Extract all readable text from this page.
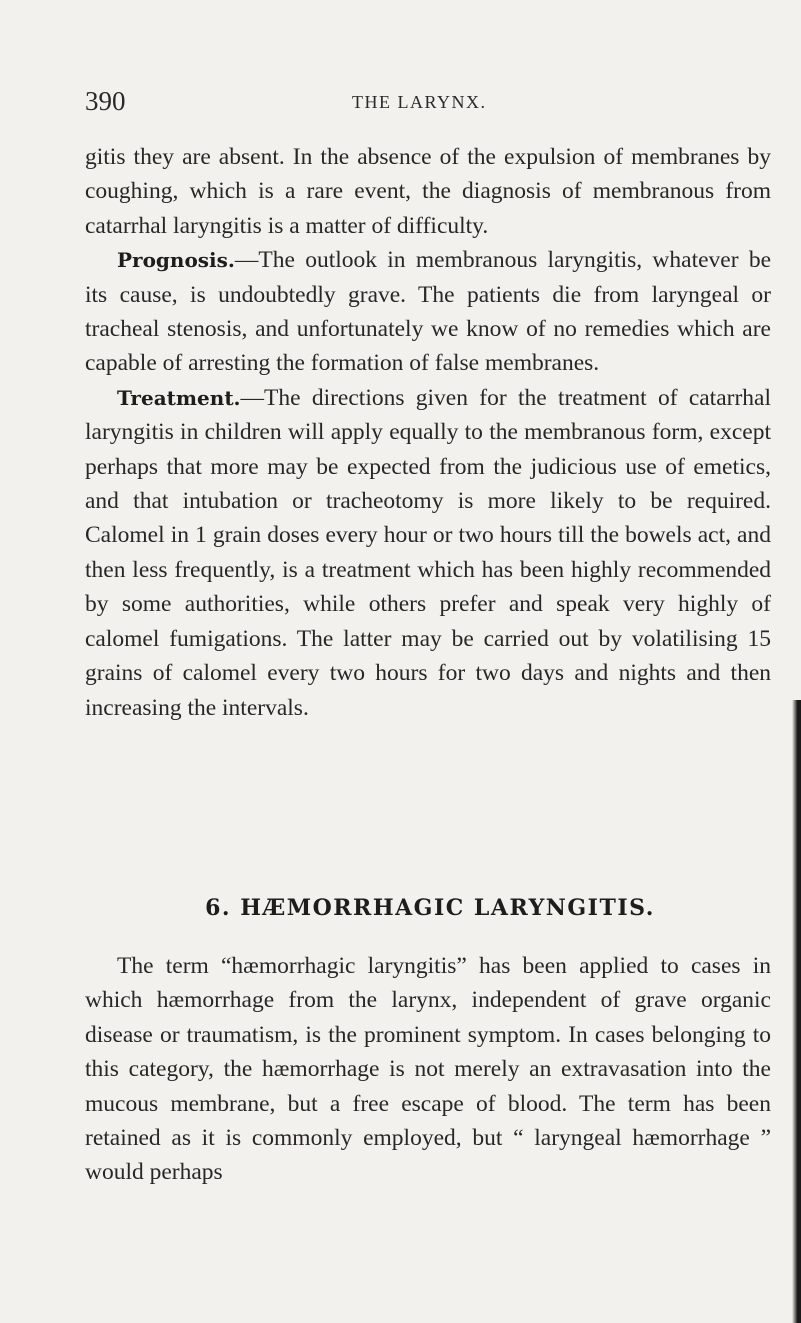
390	THE LARYNX.

gitis they are absent. In the absence of the expulsion of membranes by coughing, which is a rare event, the diagnosis of membranous from catarrhal laryngitis is a matter of difficulty.

Prognosis.—The outlook in membranous laryngitis, whatever be its cause, is undoubtedly grave. The patients die from laryngeal or tracheal stenosis, and unfortunately we know of no remedies which are capable of arresting the formation of false membranes.

Treatment.—The directions given for the treatment of catarrhal laryngitis in children will apply equally to the membranous form, except perhaps that more may be expected from the judicious use of emetics, and that intubation or tracheotomy is more likely to be required. Calomel in 1 grain doses every hour or two hours till the bowels act, and then less frequently, is a treatment which has been highly recommended by some authorities, while others prefer and speak very highly of calomel fumigations. The latter may be carried out by volatilising 15 grains of calomel every two hours for two days and nights and then increasing the intervals.

6. HÆMORRHAGIC LARYNGITIS.

The term “hæmorrhagic laryngitis” has been applied to cases in which hæmorrhage from the larynx, independent of grave organic disease or traumatism, is the prominent symptom. In cases belonging to this category, the hæmorrhage is not merely an extravasation into the mucous membrane, but a free escape of blood. The term has been retained as it is commonly employed, but “ laryngeal hæmorrhage ” would perhaps
